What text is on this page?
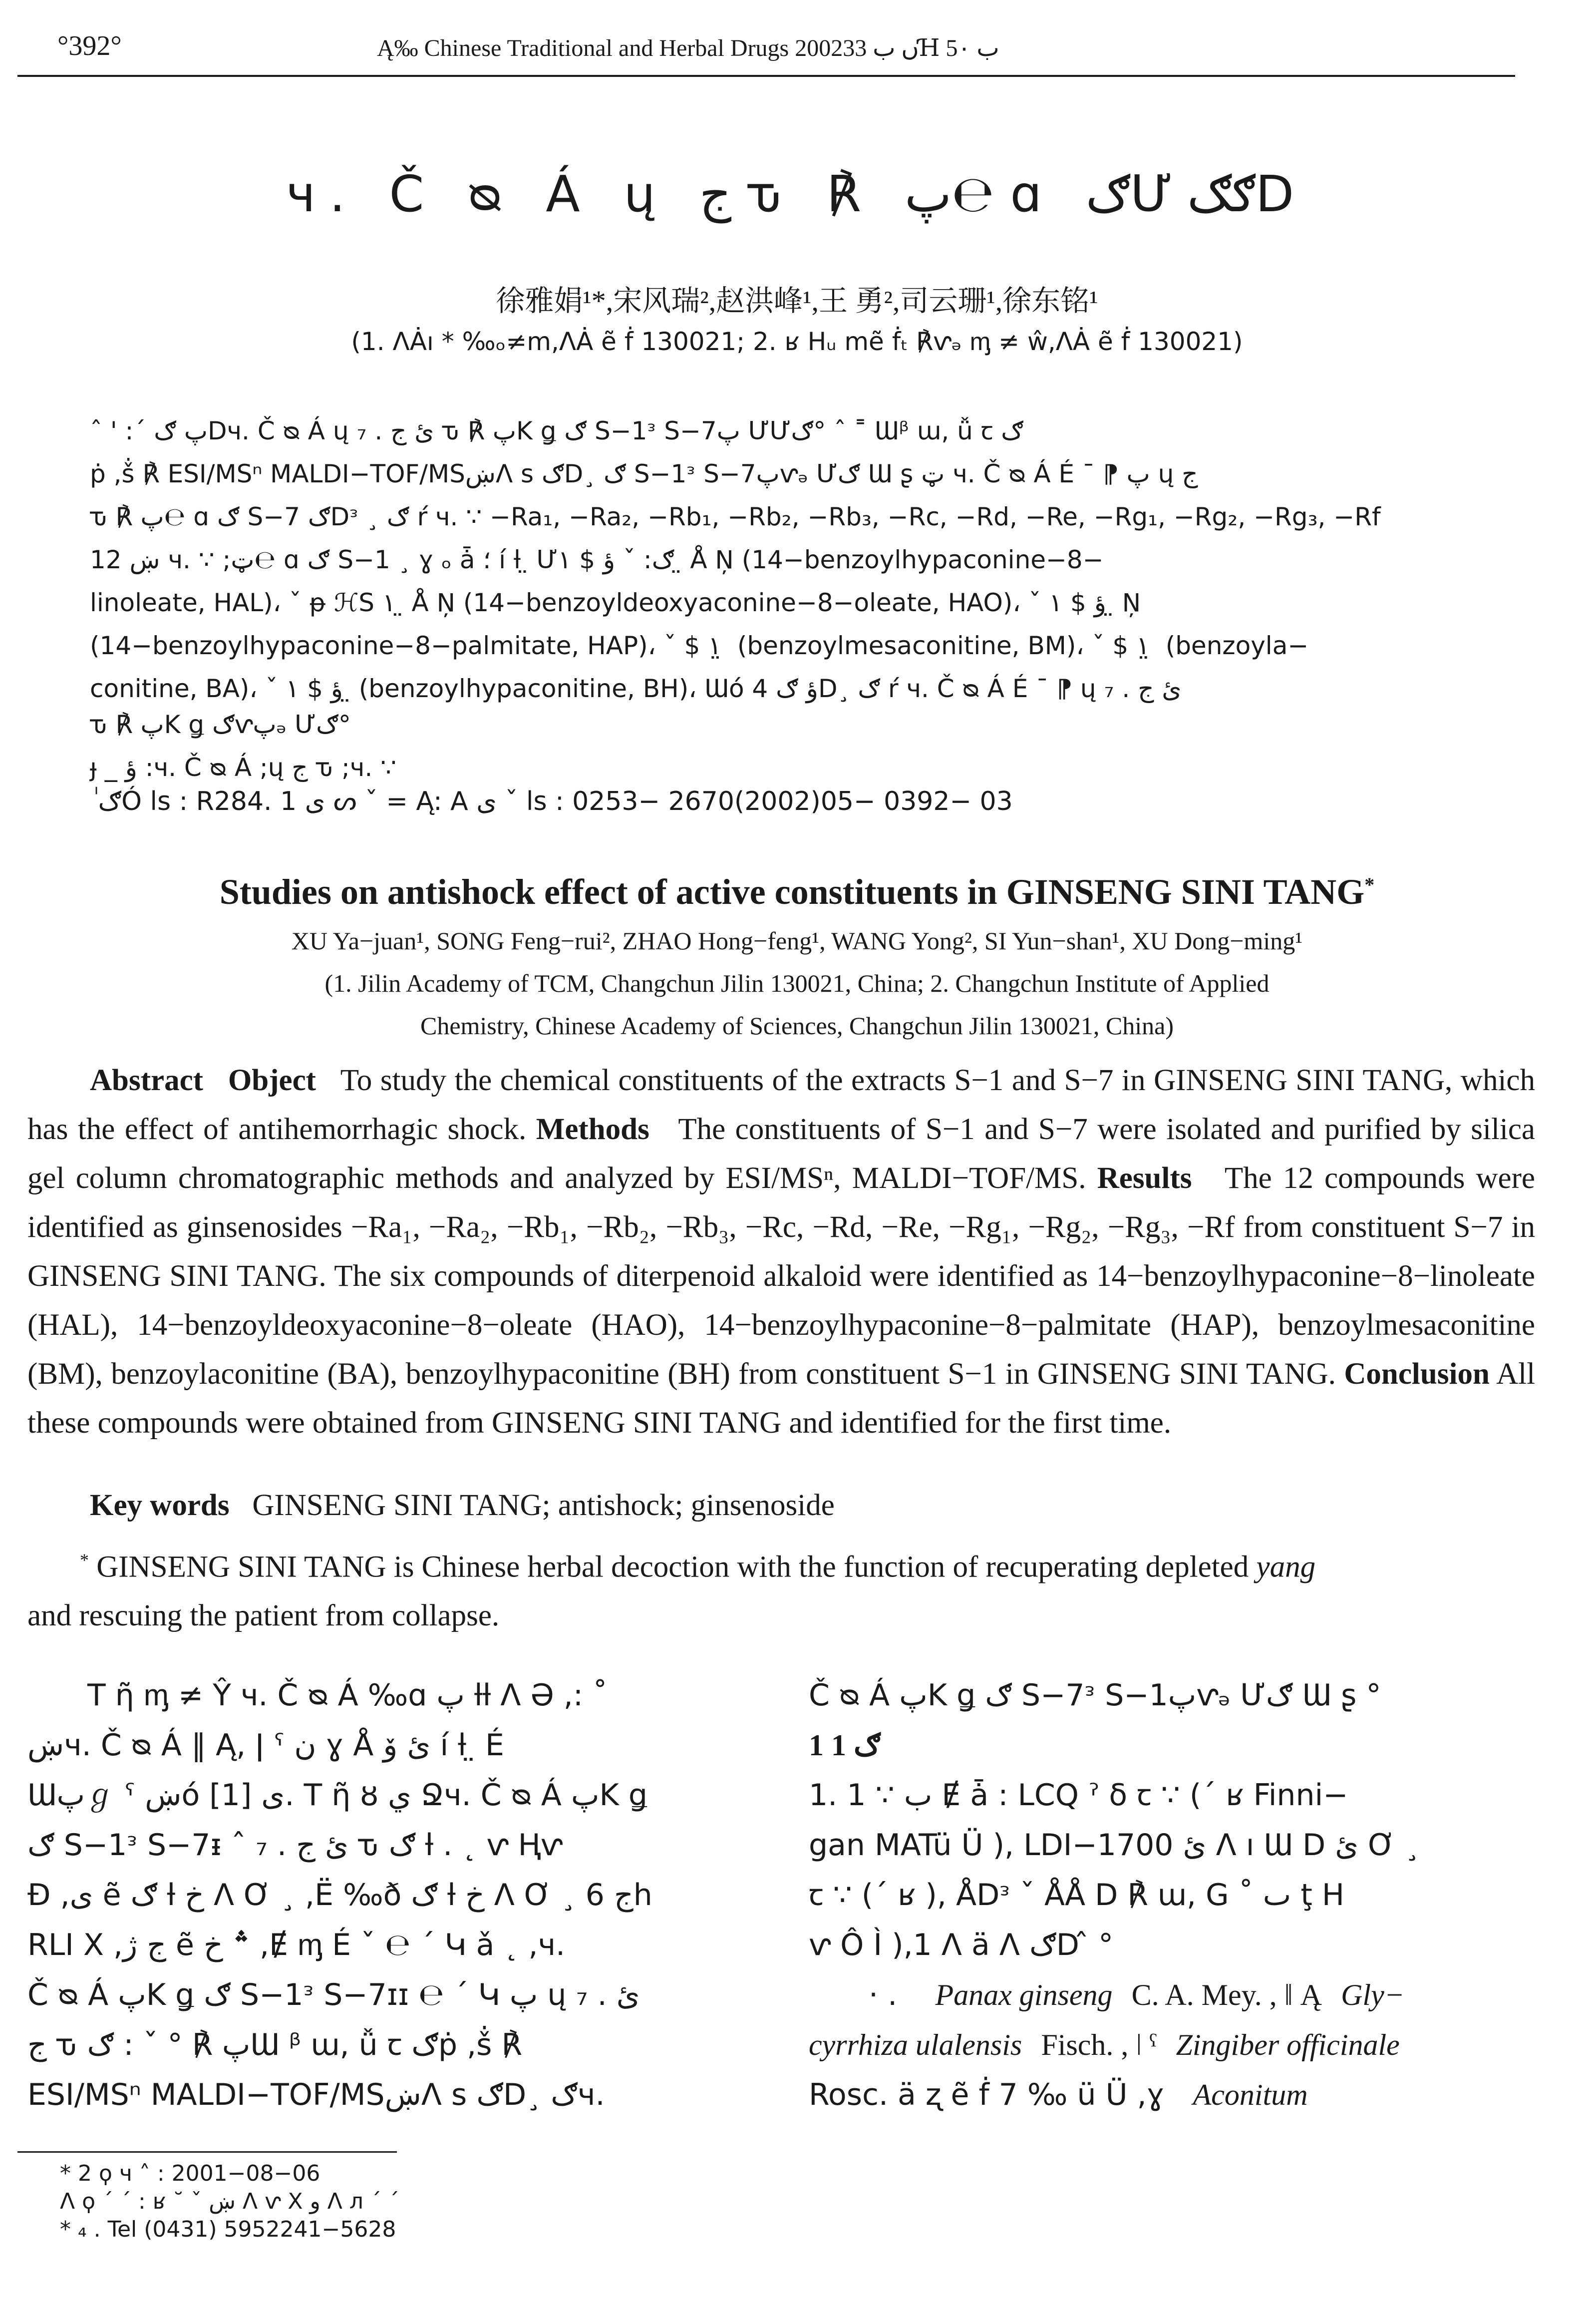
°392°	Ą‰ Chinese Traditional and Herbal Drugs 2002ں ب 33Ɦ ب 5۰
ч. Č ᴓ Á ų ج ԏ ℟ پ℮ ɑ ګƯګګD
徐雅娟¹*,宋风瑞²,赵洪峰¹,王 勇²,司云珊¹,徐东铭¹
(1. ɅȦı * ‰ₒ≠m,ɅȦ ẽ ḟ 130021; 2. ʁ Hᵤ mẽ ḟₜ ℟ⱱₔ ᶆ ≠ ŵ,ɅȦ ẽ ḟ 130021)

ˆ ' :ˊ پ ګDч. Č ᴓ Á ų ₇ . ئ ج ԏ ℟ پK ǥ ګ S−1ᵌ S−7پ ƯƯګ° ˆ ˭ Ɯᵝ ɯ, ǚ ꞇ ګ

ṗ ,ṧ ℟ ESI/MSⁿ MALDI−TOF/MSښɅ s ګD¸ ګ S−1ᵌ S−7پⱱₔ Ưګ Ɯ ʂ ټ ч. Č ᴓ Á É ˉ ⁋ پ ų ج

ԏ ℟ پ℮ ɑ ګ S−7 ګDᵌ ¸ ګ ŕ ч. ∵ −Ra₁, −Ra₂, −Rb₁, −Rb₂, −Rb₃, −Rc, −Rd, −Re, −Rg₁, −Rg₂, −Rg₃, −Rf

ښ 12 ч. ∵ ;ټ℮ ɑ ګ S−1 ¸ ɣ ₒ ǡ ؛ í ƚ ̤ Ưګ: ˇ ؤ $ ۱ ̤ Å Ņ (14−benzoylhypaconine−8−

linoleate, HAL)، ˇ ᵽ ℋS ۱ ̤ Å Ņ (14−benzoyldeoxyaconine−8−oleate, HAO)، ˇ ؤ $ ۱ ̤ Ņ

(14−benzoylhypaconine−8−palmitate, HAP)، ˇ $ ۱ ̤ (benzoylmesaconitine, BM)، ˇ $ ۱ ̤ (benzoyla−

conitine, BA)، ˇ ؤ $ ۱ ̤ (benzoylhypaconitine, BH)، Ɯó 4 ؤ ګD¸ ګ ŕ ч. Č ᴓ Á É ˉ ⁋ ų ₇ . ئ ج

ԏ ℟ پK ǥ ګⱱپₔ Ưګ°
ɟ _ ؤ :ч. Č ᴓ Á ;ų ج ԏ ;ч. ∵
ٰ ګÓ ls : R284. 1 ی ᔕ ˇ = Ą: A ی ˇ ls : 0253− 2670(2002)05− 0392− 03
Studies on antishock effect of active constituents in GINSENG SINI TANG*
XU Ya−juan¹, SONG Feng−rui², ZHAO Hong−feng¹, WANG Yong², SI Yun−shan¹, XU Dong−ming¹
(1. Jilin Academy of TCM, Changchun Jilin 130021, China; 2. Changchun Institute of Applied
Chemistry, Chinese Academy of Sciences, Changchun Jilin 130021, China)

Abstract Object To study the chemical constituents of the extracts S−1 and S−7 in GINSENG SINI TANG, which has the effect of antihemorrhagic shock. Methods The constituents of S−1 and S−7 were isolated and purified by silica gel column chromatographic methods and analyzed by ESI/MSⁿ, MALDI−TOF/MS. Results The 12 compounds were identified as ginsenosides −Ra₁, −Ra₂, −Rb₁, −Rb₂, −Rb₃, −Rc, −Rd, −Re, −Rg₁, −Rg₂, −Rg₃, −Rf from constituent S−7 in GINSENG SINI TANG. The six compounds of diterpenoid alkaloid were identified as 14−benzoylhypaconine−8−linoleate (HAL), 14−benzoyldeoxyaconine−8−oleate (HAO), 14−benzoylhypaconine−8−palmitate (HAP), benzoylmesaconitine (BM), benzoylaconitine (BA), benzoylhypaconitine (BH) from constituent S−1 in GINSENG SINI TANG. Conclusion All these compounds were obtained from GINSENG SINI TANG and identified for the first time.

Key words GINSENG SINI TANG; antishock; ginsenoside

* GINSENG SINI TANG is Chinese herbal decoction with the function of recuperating depleted yang

and rescuing the patient from collapse.

T ῆ ᶆ ≠ Ŷ ч. Č ᴓ Á ‰ɑ پ ƚƚ Ʌ Ә ,: ˚

ښч. Č ᴓ Á ‖ Ą, ǀ ˁ ن ɣ Å ئ ۆ í ƚ ̤ É

Ɯپℊ ˁ ښó ی [1]. T ῆ ȣ ي Ջч. Č ᴓ Á پK ǥ

ګ S−1ᵌ S−7ᵻ ˆ ₇ . ئ ج ԏ ګ ƚ . ˛ ⱱ Ⱨⱱ

Ɖ ,ی ẽ ګ ƚ خ Ʌ Ơ ¸ ,Ë ‰ð ګ ƚ خ Ʌ Ơ ¸ ج 6h

RLI X ,ج ژ ẽ ؞ خ ,Ɇ ᶆ É ˇ ℮ ˊ Կ ǎ ˛ ,ч.

Č ᴓ Á پK ǥ ګ S−1ᵌ S−7ɪɪ ℮ ˊ Կ پ ų ₇ . ئ

ج ԏ پ ℟ ° ˇ : ګƜ ᵝ ɯ, ǚ ꞇ ګṗ ,ṧ ℟

ESI/MSⁿ MALDI−TOF/MSښɅ s ګD¸ ګч.

Č ᴓ Á پK ǥ ګ S−7ᵌ S−1پⱱₔ Ưګ Ɯ ʂ °

1 1 ګ

1. 1 ∵ ب Ɇ ǡ : LCQ ˀ δ ꞇ ∵ (ˊ ʁ Finni−

gan MATü Ü ), LDI−1700 ئ Ʌ ı Ɯ D ئ Ơ ¸

ꞇ ∵ (ˊ ʁ ), ÅDᵌ ˇ ÅÅ D ℟ ɯ, G ˚ ٮ ţ H

ⱱ Ô Ì ),1 Ʌ ä Ʌ ګD ̂ °

· . Panax ginseng C. A. Mey. , ‖ Ą Gly−

cyrrhiza ulalensis Fisch. , ǀ ˁ Zingiber officinale

Rosc. ä ʐ ẽ ḟ 7 ‰ ü Ü ,ɣ Aconitum

* 2 ϙ ч ˄ : 2001−08−06

Ʌ ϙ ˊ ˊ : ʁ ˘ ˇ ښ Ʌ ⱱ X و Ʌ л ˊ ˊ

* ₄ . Tel (0431) 5952241−5628
